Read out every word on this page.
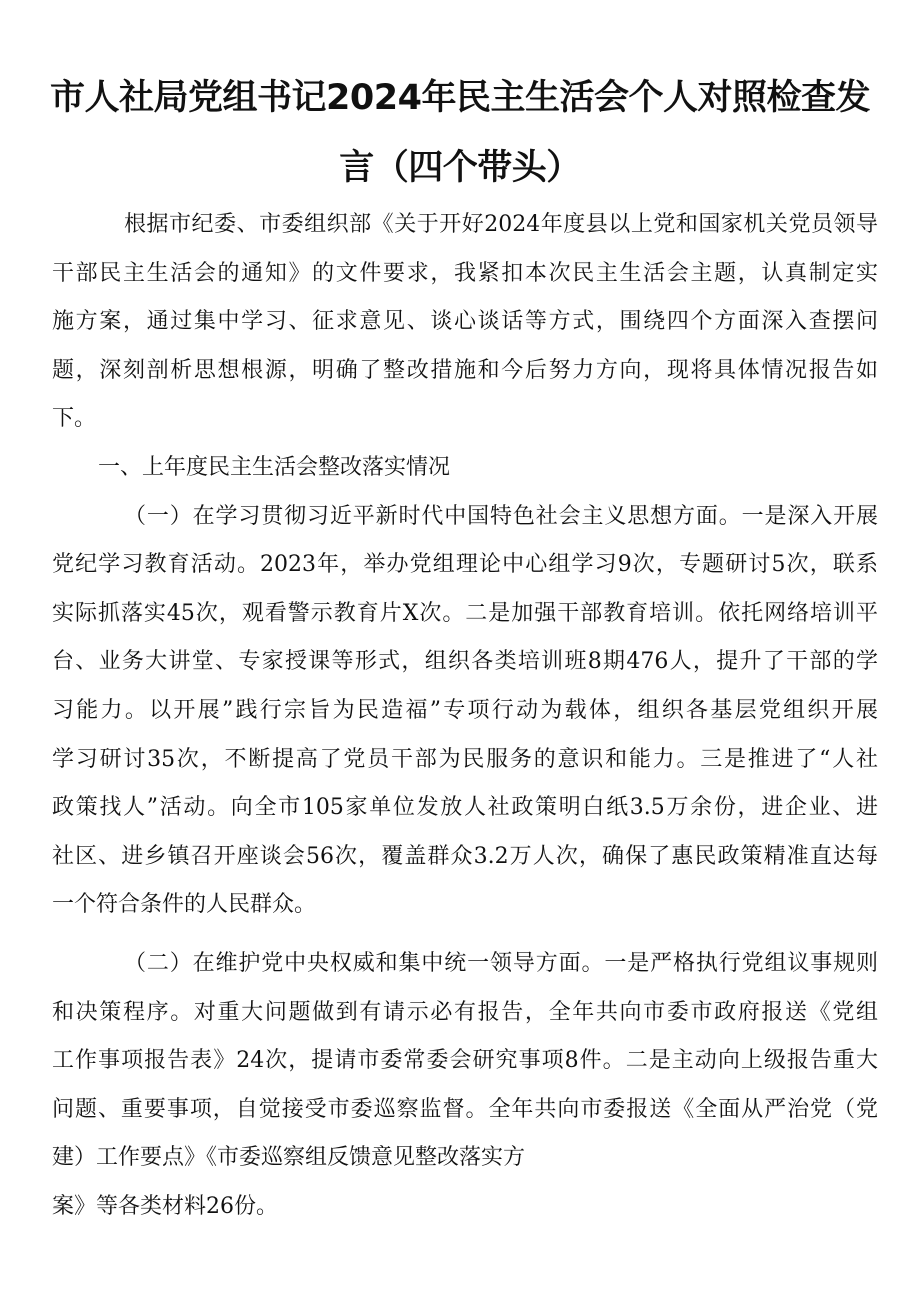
市人社局党组书记2024年民主生活会个人对照检查发
言（四个带头）
根据市纪委、市委组织部《关于开好2024年度县以上党和国家机关党员领导
干部民主生活会的通知》的文件要求，我紧扣本次民主生活会主题，认真制定实
施方案，通过集中学习、征求意见、谈心谈话等方式，围绕四个方面深入查摆问
题，深刻剖析思想根源，明确了整改措施和今后努力方向，现将具体情况报告如
下。
一、上年度民主生活会整改落实情况
（一）在学习贯彻习近平新时代中国特色社会主义思想方面。一是深入开展
党纪学习教育活动。2023年，举办党组理论中心组学习9次，专题研讨5次，联系
实际抓落实45次，观看警示教育片X次。二是加强干部教育培训。依托网络培训平
台、业务大讲堂、专家授课等形式，组织各类培训班8期476人，提升了干部的学
习能力。以开展”践行宗旨为民造福”专项行动为载体，组织各基层党组织开展
学习研讨35次，不断提高了党员干部为民服务的意识和能力。三是推进了“人社
政策找人”活动。向全市105家单位发放人社政策明白纸3.5万余份，进企业、进
社区、进乡镇召开座谈会56次，覆盖群众3.2万人次，确保了惠民政策精准直达每
一个符合条件的人民群众。
（二）在维护党中央权威和集中统一领导方面。一是严格执行党组议事规则
和决策程序。对重大问题做到有请示必有报告，全年共向市委市政府报送《党组
工作事项报告表》24次，提请市委常委会研究事项8件。二是主动向上级报告重大
问题、重要事项，自觉接受市委巡察监督。全年共向市委报送《全面从严治党（党
建）工作要点》《市委巡察组反馈意见整改落实方
案》等各类材料26份。
